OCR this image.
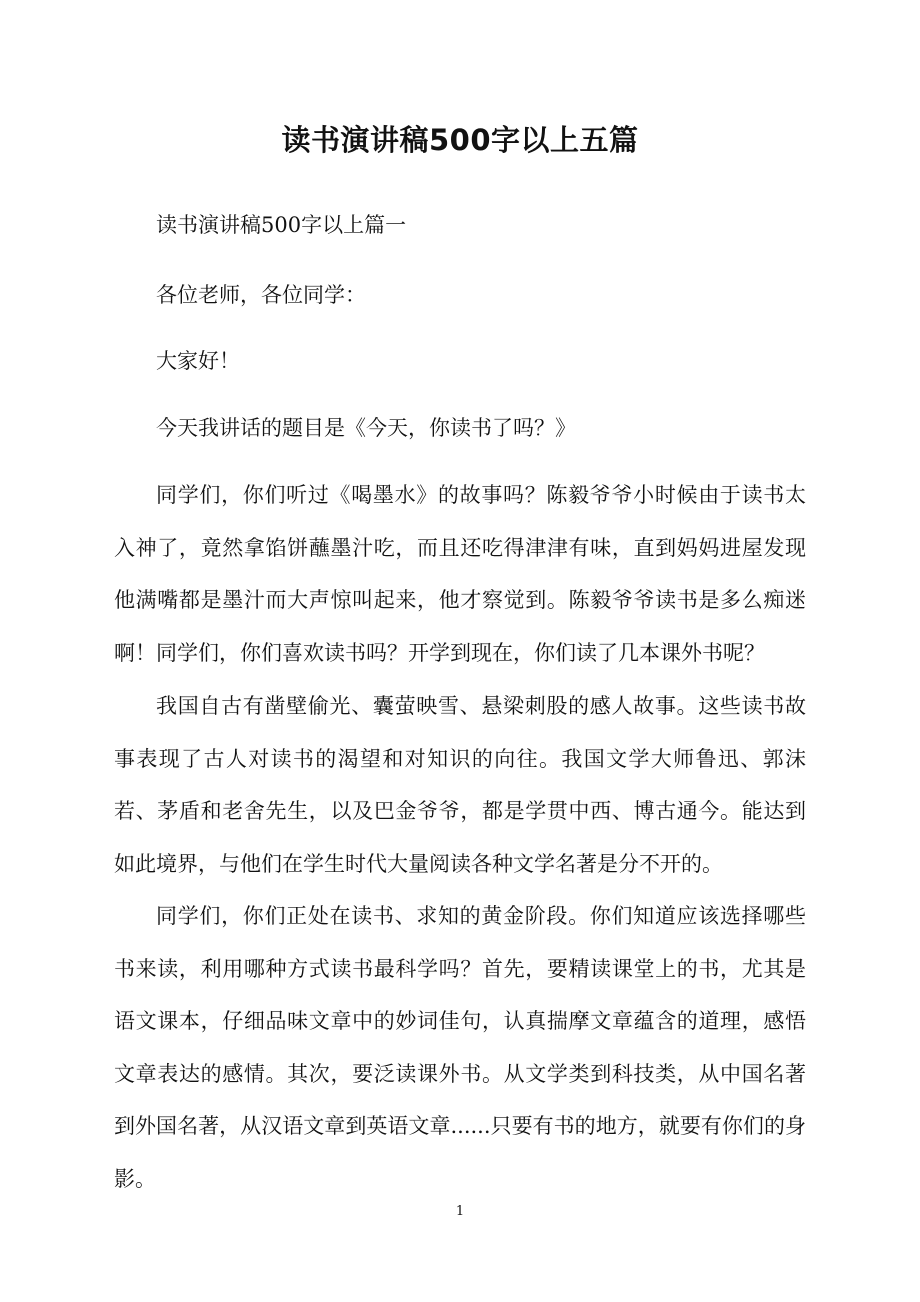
读书演讲稿500字以上五篇

读书演讲稿500字以上篇一

各位老师，各位同学：

大家好！

今天我讲话的题目是《今天，你读书了吗？》

同学们，你们听过《喝墨水》的故事吗？陈毅爷爷小时候由于读书太入神了，竟然拿馅饼蘸墨汁吃，而且还吃得津津有味，直到妈妈进屋发现他满嘴都是墨汁而大声惊叫起来，他才察觉到。陈毅爷爷读书是多么痴迷啊！同学们，你们喜欢读书吗？开学到现在，你们读了几本课外书呢？

我国自古有凿壁偷光、囊萤映雪、悬梁刺股的感人故事。这些读书故事表现了古人对读书的渴望和对知识的向往。我国文学大师鲁迅、郭沫若、茅盾和老舍先生，以及巴金爷爷，都是学贯中西、博古通今。能达到如此境界，与他们在学生时代大量阅读各种文学名著是分不开的。

同学们，你们正处在读书、求知的黄金阶段。你们知道应该选择哪些书来读，利用哪种方式读书最科学吗？首先，要精读课堂上的书，尤其是语文课本，仔细品味文章中的妙词佳句，认真揣摩文章蕴含的道理，感悟文章表达的感情。其次，要泛读课外书。从文学类到科技类，从中国名著到外国名著，从汉语文章到英语文章......只要有书的地方，就要有你们的身影。

1
